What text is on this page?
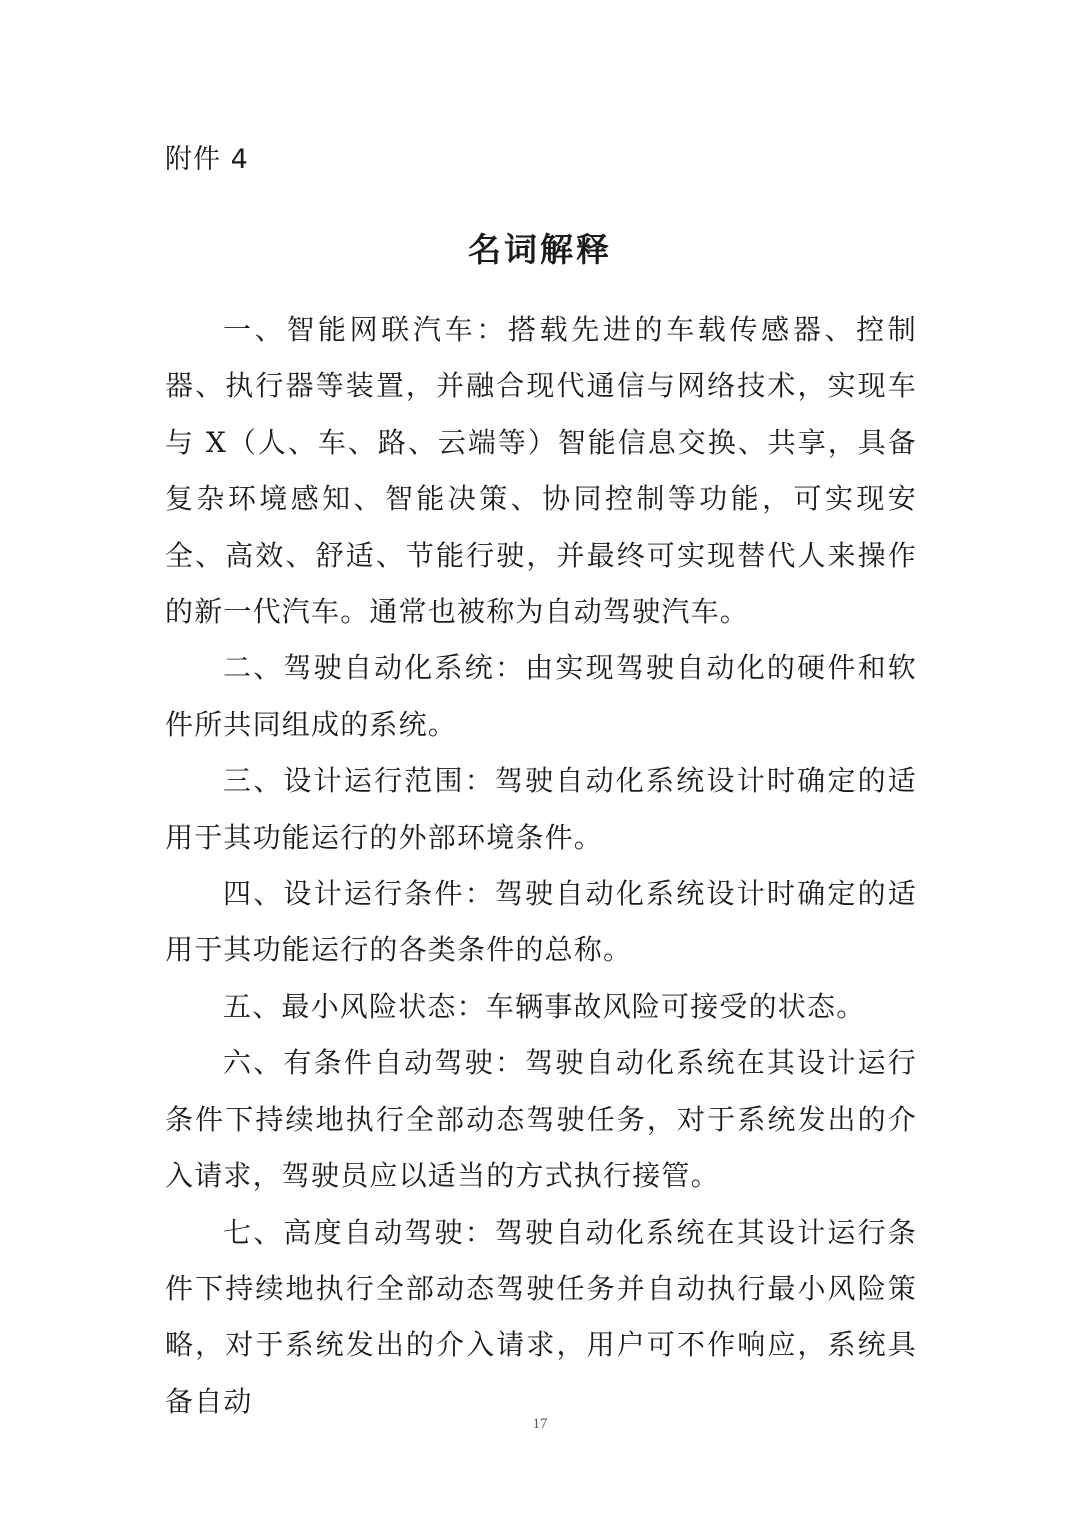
附件 4
名词解释

一、智能网联汽车：搭载先进的车载传感器、控制器、执行器等装置，并融合现代通信与网络技术，实现车与 X（人、车、路、云端等）智能信息交换、共享，具备复杂环境感知、智能决策、协同控制等功能，可实现安全、高效、舒适、节能行驶，并最终可实现替代人来操作的新一代汽车。通常也被称为自动驾驶汽车。

二、驾驶自动化系统：由实现驾驶自动化的硬件和软件所共同组成的系统。

三、设计运行范围：驾驶自动化系统设计时确定的适用于其功能运行的外部环境条件。

四、设计运行条件：驾驶自动化系统设计时确定的适用于其功能运行的各类条件的总称。

五、最小风险状态：车辆事故风险可接受的状态。

六、有条件自动驾驶：驾驶自动化系统在其设计运行条件下持续地执行全部动态驾驶任务，对于系统发出的介入请求，驾驶员应以适当的方式执行接管。

七、高度自动驾驶：驾驶自动化系统在其设计运行条件下持续地执行全部动态驾驶任务并自动执行最小风险策略，对于系统发出的介入请求，用户可不作响应，系统具备自动

17
